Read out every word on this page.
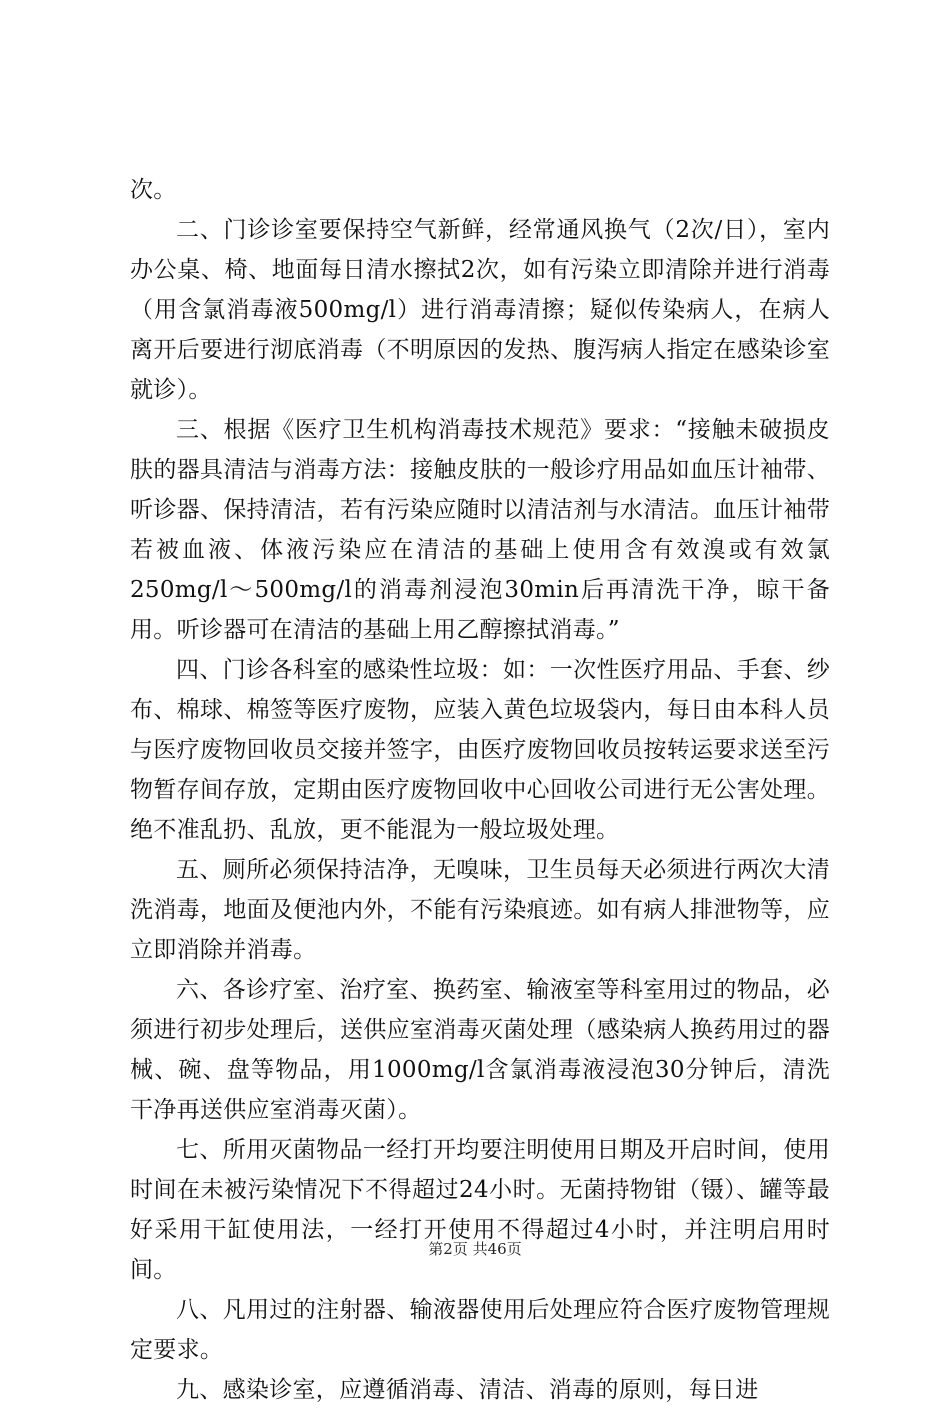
次。

二、门诊诊室要保持空气新鲜，经常通风换气（2次/日），室内办公桌、椅、地面每日清水擦拭2次，如有污染立即清除并进行消毒（用含氯消毒液500mg/l）进行消毒清擦；疑似传染病人，在病人离开后要进行沏底消毒（不明原因的发热、腹泻病人指定在感染诊室就诊）。

三、根据《医疗卫生机构消毒技术规范》要求：“接触未破损皮肤的器具清洁与消毒方法：接触皮肤的一般诊疗用品如血压计袖带、听诊器、保持清洁，若有污染应随时以清洁剂与水清洁。血压计袖带若被血液、体液污染应在清洁的基础上使用含有效溴或有效氯250mg/l～500mg/l的消毒剂浸泡30min后再清洗干净，晾干备用。听诊器可在清洁的基础上用乙醇擦拭消毒。”

四、门诊各科室的感染性垃圾：如：一次性医疗用品、手套、纱布、棉球、棉签等医疗废物，应装入黄色垃圾袋内，每日由本科人员与医疗废物回收员交接并签字，由医疗废物回收员按转运要求送至污物暂存间存放，定期由医疗废物回收中心回收公司进行无公害处理。绝不准乱扔、乱放，更不能混为一般垃圾处理。

五、厕所必须保持洁净，无嗅味，卫生员每天必须进行两次大清洗消毒，地面及便池内外，不能有污染痕迹。如有病人排泄物等，应立即消除并消毒。

六、各诊疗室、治疗室、换药室、输液室等科室用过的物品，必须进行初步处理后，送供应室消毒灭菌处理（感染病人换药用过的器械、碗、盘等物品，用1000mg/l含氯消毒液浸泡30分钟后，清洗干净再送供应室消毒灭菌）。

七、所用灭菌物品一经打开均要注明使用日期及开启时间，使用时间在未被污染情况下不得超过24小时。无菌持物钳（镊）、罐等最好采用干缸使用法，一经打开使用不得超过4小时，并注明启用时间。

八、凡用过的注射器、输液器使用后处理应符合医疗废物管理规定要求。

九、感染诊室，应遵循消毒、清洁、消毒的原则，每日进

第2页 共46页
